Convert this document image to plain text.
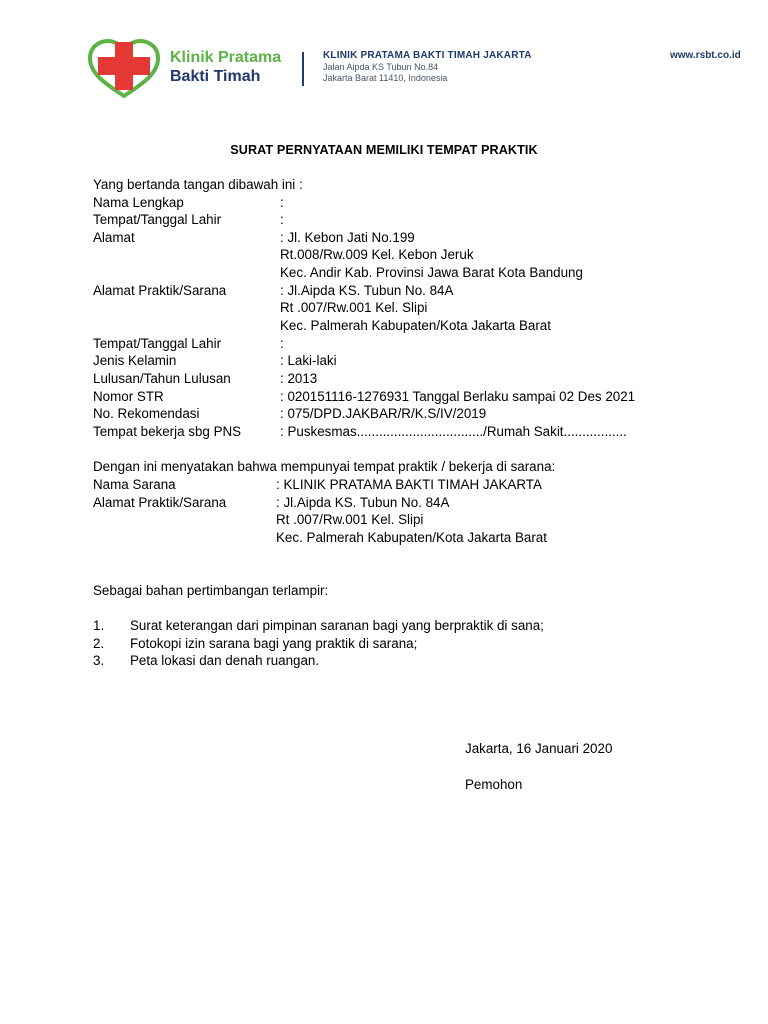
Klinik Pratama
Bakti Timah
KLINIK PRATAMA BAKTI TIMAH JAKARTA
Jalan Aipda KS Tubun No.84
Jakarta Barat 11410, Indonesia
www.rsbt.co.id
SURAT PERNYATAAN MEMILIKI TEMPAT PRAKTIK
Yang bertanda tangan dibawah ini :
Nama Lengkap	:
Tempat/Tanggal Lahir	:
Alamat	: Jl. Kebon Jati No.199
Rt.008/Rw.009 Kel. Kebon Jeruk
Kec. Andir Kab. Provinsi Jawa Barat Kota Bandung
Alamat Praktik/Sarana	: Jl.Aipda KS. Tubun No. 84A
Rt .007/Rw.001 Kel. Slipi
Kec. Palmerah Kabupaten/Kota Jakarta Barat
Tempat/Tanggal Lahir	:
Jenis Kelamin	: Laki-laki
Lulusan/Tahun Lulusan	: 2013
Nomor STR	: 020151116-1276931 Tanggal Berlaku sampai 02 Des 2021
No. Rekomendasi	: 075/DPD.JAKBAR/R/K.S/IV/2019
Tempat bekerja sbg PNS	: Puskesmas................................../Rumah Sakit.................
Dengan ini menyatakan bahwa mempunyai tempat praktik / bekerja di sarana:
Nama Sarana	: KLINIK PRATAMA BAKTI TIMAH JAKARTA
Alamat Praktik/Sarana	: Jl.Aipda KS. Tubun No. 84A
Rt .007/Rw.001 Kel. Slipi
Kec. Palmerah Kabupaten/Kota Jakarta Barat
Sebagai bahan pertimbangan terlampir:
1. Surat keterangan dari pimpinan saranan bagi yang berpraktik di sana;
2. Fotokopi izin sarana bagi yang praktik di sarana;
3. Peta lokasi dan denah ruangan.
Jakarta, 16 Januari 2020
Pemohon
